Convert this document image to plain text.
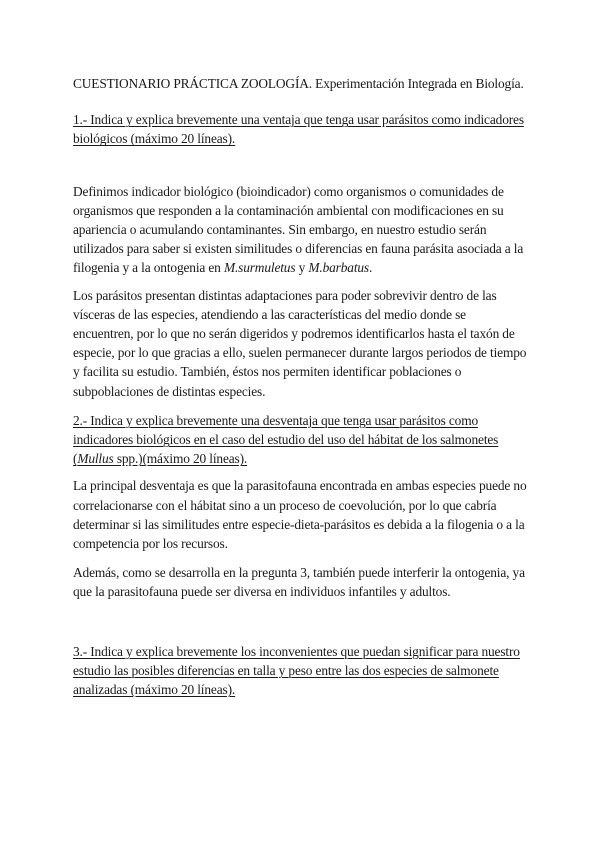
CUESTIONARIO PRÁCTICA ZOOLOGÍA. Experimentación Integrada en Biología.

1.- Indica y explica brevemente una ventaja que tenga usar parásitos como indicadores biológicos (máximo 20 líneas).

Definimos indicador biológico (bioindicador) como organismos o comunidades de organismos que responden a la contaminación ambiental con modificaciones en su apariencia o acumulando contaminantes. Sin embargo, en nuestro estudio serán utilizados para saber si existen similitudes o diferencias en fauna parásita asociada a la filogenia y a la ontogenia en M.surmuletus y M.barbatus.

Los parásitos presentan distintas adaptaciones para poder sobrevivir dentro de las vísceras de las especies, atendiendo a las características del medio donde se encuentren, por lo que no serán digeridos y podremos identificarlos hasta el taxón de especie, por lo que gracias a ello, suelen permanecer durante largos periodos de tiempo y facilita su estudio. También, éstos nos permiten identificar poblaciones o subpoblaciones de distintas especies.

2.- Indica y explica brevemente una desventaja que tenga usar parásitos como indicadores biológicos en el caso del estudio del uso del hábitat de los salmonetes (Mullus spp.)(máximo 20 líneas).

La principal desventaja es que la parasitofauna encontrada en ambas especies puede no correlacionarse con el hábitat sino a un proceso de coevolución, por lo que cabría determinar si las similitudes entre especie-dieta-parásitos es debida a la filogenia o a la competencia por los recursos.

Además, como se desarrolla en la pregunta 3, también puede interferir la ontogenia, ya que la parasitofauna puede ser diversa en individuos infantiles y adultos.

3.- Indica y explica brevemente los inconvenientes que puedan significar para nuestro estudio las posibles diferencias en talla y peso entre las dos especies de salmonete analizadas (máximo 20 líneas).
